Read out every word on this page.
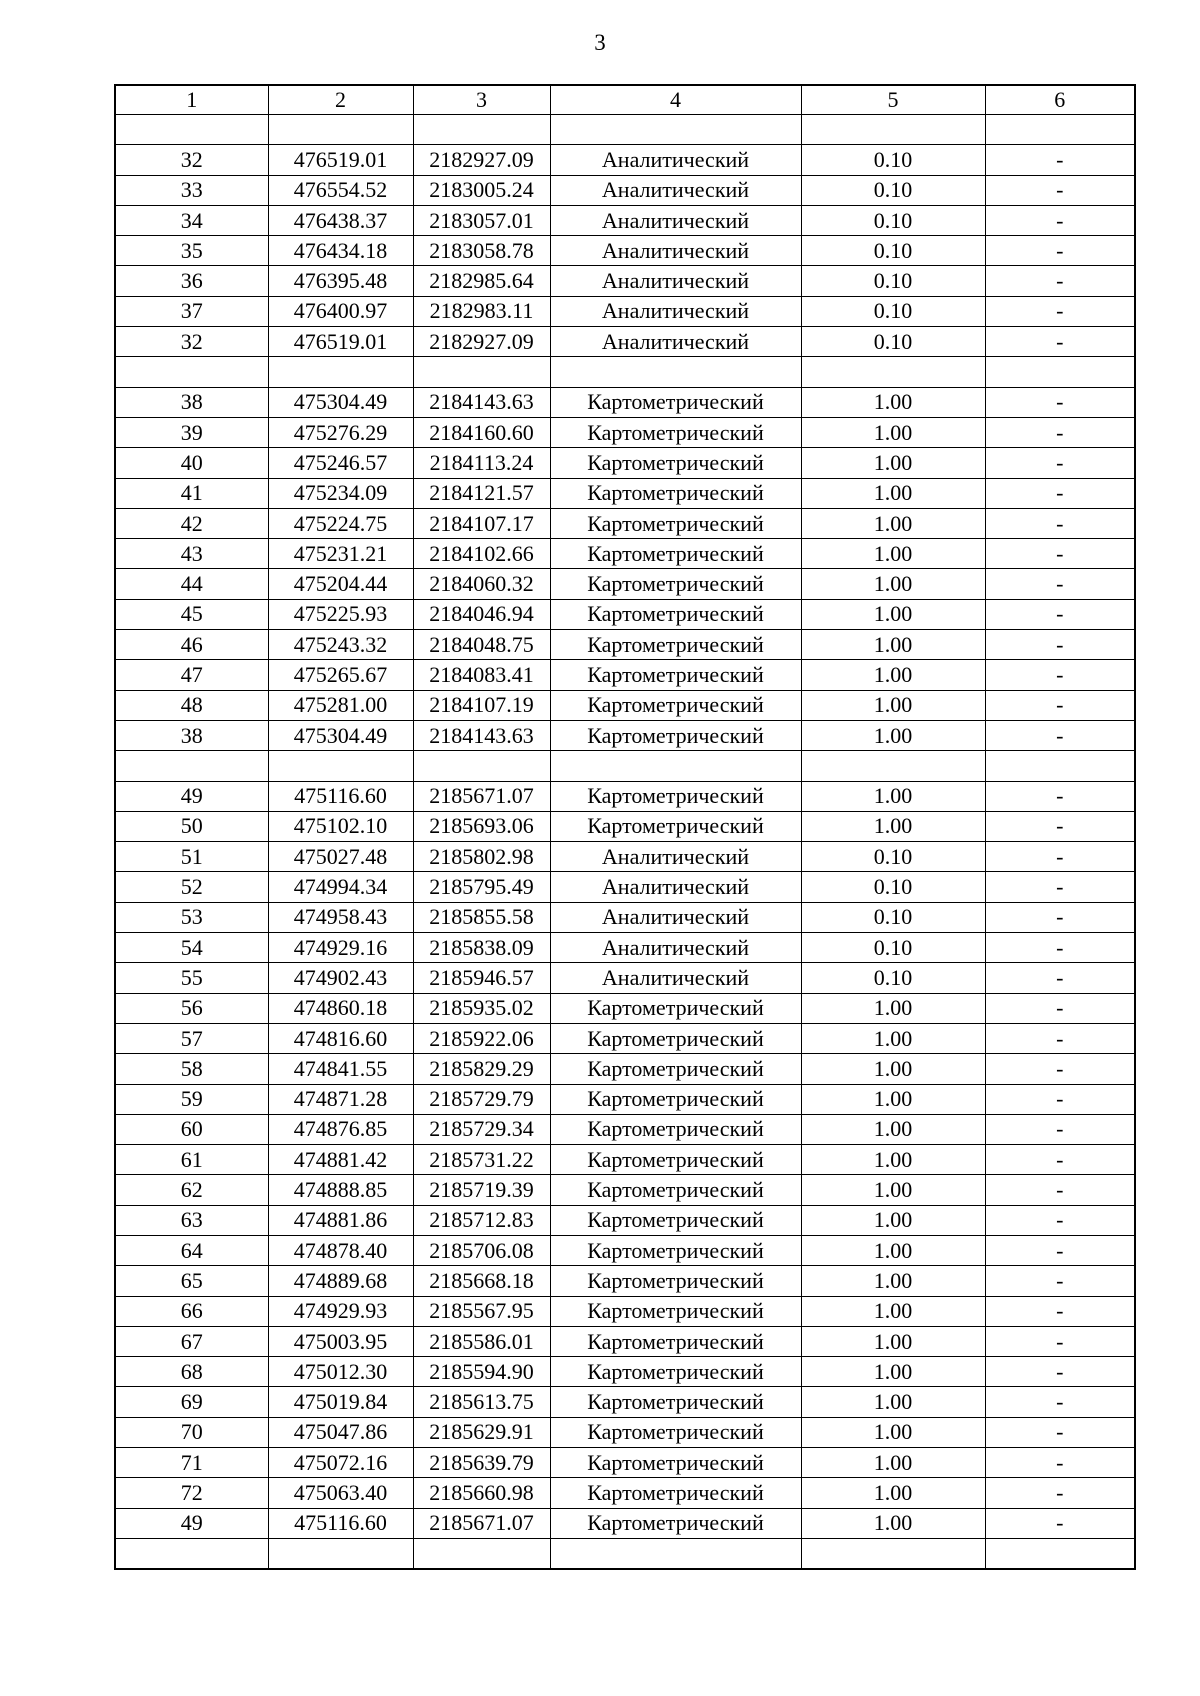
3
1	2	3	4	5	6

32	476519.01	2182927.09	Аналитический	0.10	-
33	476554.52	2183005.24	Аналитический	0.10	-
34	476438.37	2183057.01	Аналитический	0.10	-
35	476434.18	2183058.78	Аналитический	0.10	-
36	476395.48	2182985.64	Аналитический	0.10	-
37	476400.97	2182983.11	Аналитический	0.10	-
32	476519.01	2182927.09	Аналитический	0.10	-

38	475304.49	2184143.63	Картометрический	1.00	-
39	475276.29	2184160.60	Картометрический	1.00	-
40	475246.57	2184113.24	Картометрический	1.00	-
41	475234.09	2184121.57	Картометрический	1.00	-
42	475224.75	2184107.17	Картометрический	1.00	-
43	475231.21	2184102.66	Картометрический	1.00	-
44	475204.44	2184060.32	Картометрический	1.00	-
45	475225.93	2184046.94	Картометрический	1.00	-
46	475243.32	2184048.75	Картометрический	1.00	-
47	475265.67	2184083.41	Картометрический	1.00	-
48	475281.00	2184107.19	Картометрический	1.00	-
38	475304.49	2184143.63	Картометрический	1.00	-

49	475116.60	2185671.07	Картометрический	1.00	-
50	475102.10	2185693.06	Картометрический	1.00	-
51	475027.48	2185802.98	Аналитический	0.10	-
52	474994.34	2185795.49	Аналитический	0.10	-
53	474958.43	2185855.58	Аналитический	0.10	-
54	474929.16	2185838.09	Аналитический	0.10	-
55	474902.43	2185946.57	Аналитический	0.10	-
56	474860.18	2185935.02	Картометрический	1.00	-
57	474816.60	2185922.06	Картометрический	1.00	-
58	474841.55	2185829.29	Картометрический	1.00	-
59	474871.28	2185729.79	Картометрический	1.00	-
60	474876.85	2185729.34	Картометрический	1.00	-
61	474881.42	2185731.22	Картометрический	1.00	-
62	474888.85	2185719.39	Картометрический	1.00	-
63	474881.86	2185712.83	Картометрический	1.00	-
64	474878.40	2185706.08	Картометрический	1.00	-
65	474889.68	2185668.18	Картометрический	1.00	-
66	474929.93	2185567.95	Картометрический	1.00	-
67	475003.95	2185586.01	Картометрический	1.00	-
68	475012.30	2185594.90	Картометрический	1.00	-
69	475019.84	2185613.75	Картометрический	1.00	-
70	475047.86	2185629.91	Картометрический	1.00	-
71	475072.16	2185639.79	Картометрический	1.00	-
72	475063.40	2185660.98	Картометрический	1.00	-
49	475116.60	2185671.07	Картометрический	1.00	-
